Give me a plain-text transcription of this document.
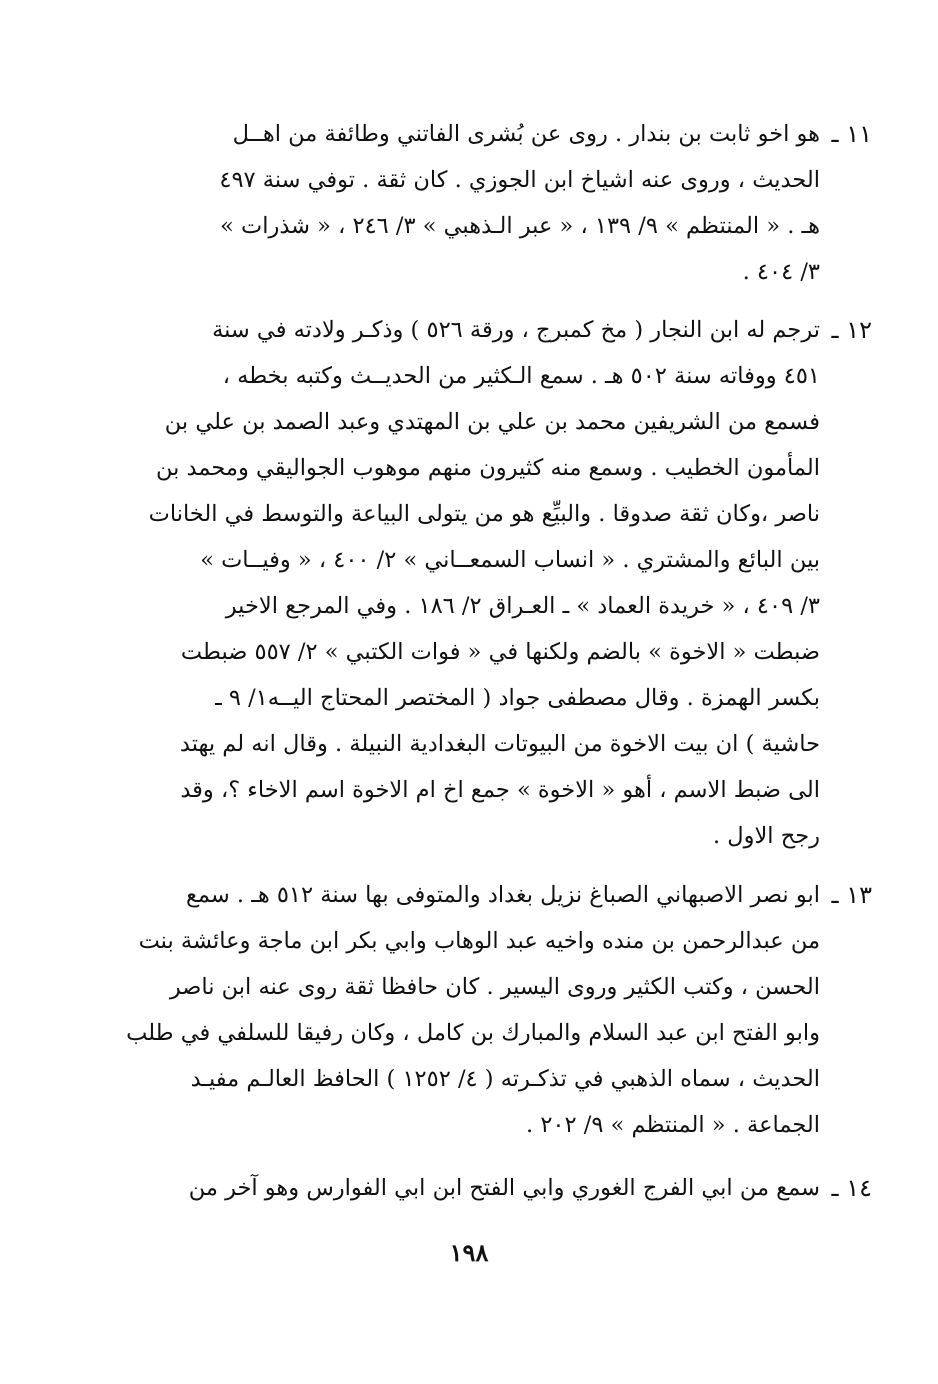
١١ ـ
هو اخو ثابت بن بندار . روى عن بُشرى الفاتني وطائفة من اهــل
الحديث ، وروى عنه اشياخ ابن الجوزي . كان ثقة . توفي سنة ٤٩٧
هـ . « المنتظم » ٩/ ١٣٩ ، « عبر الـذهبي » ٣/ ٢٤٦ ، « شذرات »
٣/ ٤٠٤ .
١٢ ـ
ترجم له ابن النجار ( مخ كمبرج ، ورقة ٥٢٦ ) وذكـر ولادته في سنة
٤٥١ ووفاته سنة ٥٠٢ هـ . سمع الـكثير من الحديــث وكتبه بخطه ،
فسمع من الشريفين محمد بن علي بن المهتدي وعبد الصمد بن علي بن
المأمون الخطيب . وسمع منه كثيرون منهم موهوب الجواليقي ومحمد بن
ناصر ،وكان ثقة صدوقا . والبيِّع هو من يتولى البياعة والتوسط في الخانات
بين البائع والمشتري . « انساب السمعــاني » ٢/ ٤٠٠ ، « وفيــات »
٣/ ٤٠٩ ، « خريدة العماد » ـ العـراق ٢/ ١٨٦ . وفي المرجع الاخير
ضبطت « الاخوة » بالضم ولكنها في « فوات الكتبي » ٢/ ٥٥٧ ضبطت
بكسر الهمزة . وقال مصطفى جواد ( المختصر المحتاج اليــه١/ ٩ ـ
حاشية ) ان بيت الاخوة من البيوتات البغدادية النبيلة . وقال انه لم يهتد
الى ضبط الاسم ، أهو « الاخوة » جمع اخ ام الاخوة اسم الاخاء ؟، وقد
رجح الاول .
١٣ ـ
ابو نصر الاصبهاني الصباغ نزيل بغداد والمتوفى بها سنة ٥١٢ هـ . سمع
من عبدالرحمن بن منده واخيه عبد الوهاب وابي بكر ابن ماجة وعائشة بنت
الحسن ، وكتب الكثير وروى اليسير . كان حافظا ثقة روى عنه ابن ناصر
وابو الفتح ابن عبد السلام والمبارك بن كامل ، وكان رفيقا للسلفي في طلب
الحديث ، سماه الذهبي في تذكـرته ( ٤/ ١٢٥٢ ) الحافظ العالـم مفيـد
الجماعة . « المنتظم » ٩/ ٢٠٢ .
١٤ ـ
سمع من ابي الفرج الغوري وابي الفتح ابن ابي الفوارس وهو آخر من
١٩٨
